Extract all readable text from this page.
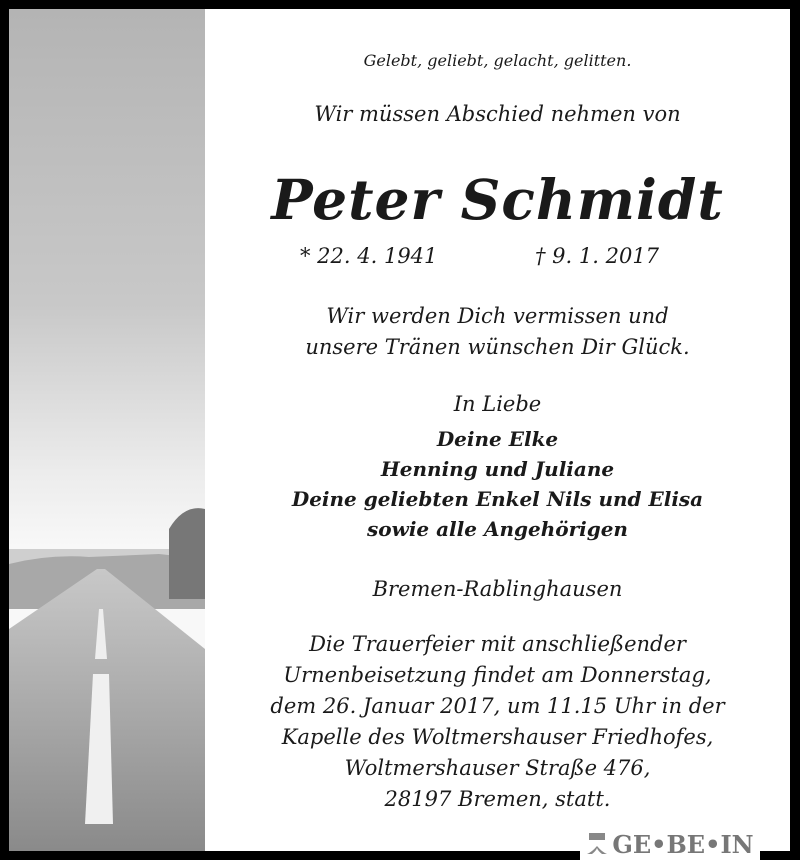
Gelebt, geliebt, gelacht, gelitten.
Wir müssen Abschied nehmen von
Peter Schmidt
* 22. 4. 1941	† 9. 1. 2017
Wir werden Dich vermissen und
unsere Tränen wünschen Dir Glück.
In Liebe
Deine Elke
Henning und Juliane
Deine geliebten Enkel Nils und Elisa
sowie alle Angehörigen
Bremen-Rablinghausen
Die Trauerfeier mit anschließender
Urnenbeisetzung findet am Donnerstag,
dem 26. Januar 2017, um 11.15 Uhr in der
Kapelle des Woltmershauser Friedhofes,
Woltmershauser Straße 476,
28197 Bremen, statt.
GE•BE•IN
